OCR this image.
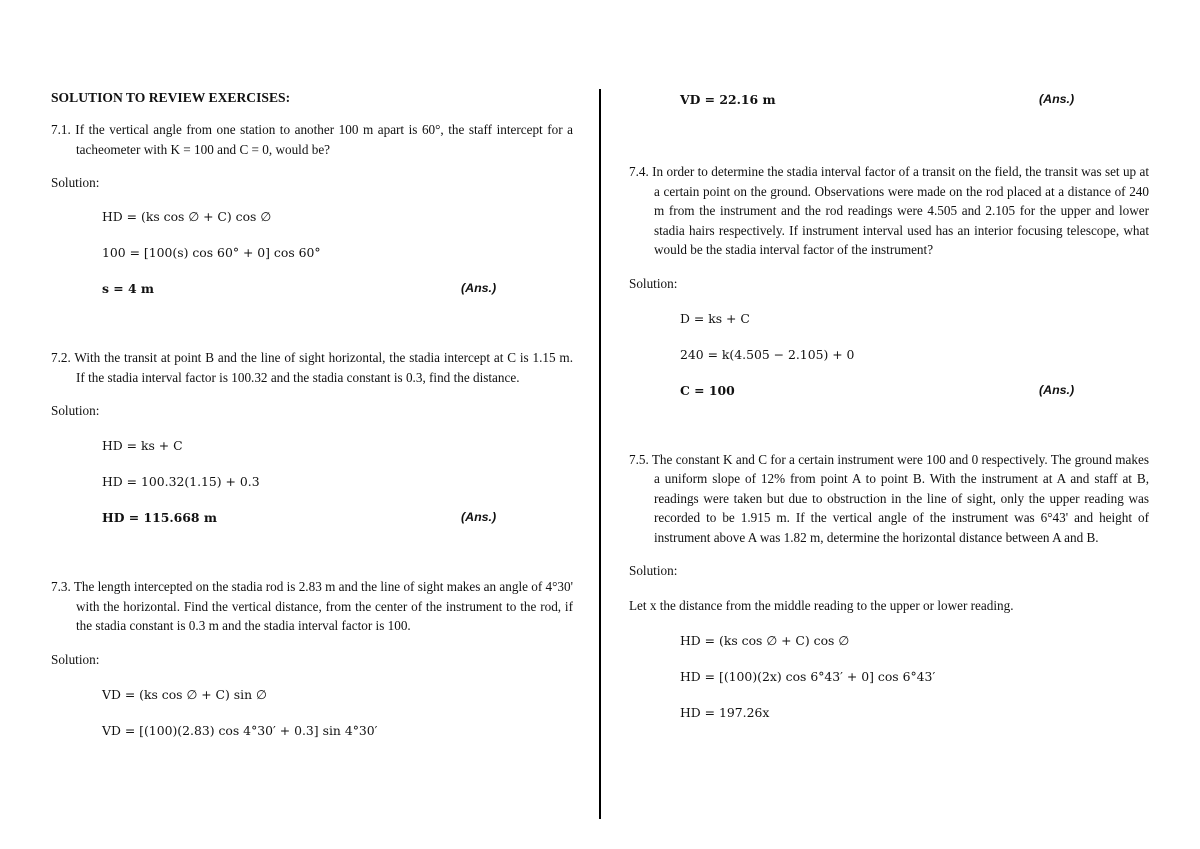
SOLUTION TO REVIEW EXERCISES:

7.1. If the vertical angle from one station to another 100 m apart is 60°, the staff intercept for a tacheometer with K = 100 and C = 0, would be?

Solution:

HD = (ks cos ∅ + C) cos ∅
100 = [100(s) cos 60° + 0] cos 60°
s = 4 m	(Ans.)

7.2. With the transit at point B and the line of sight horizontal, the stadia intercept at C is 1.15 m. If the stadia interval factor is 100.32 and the stadia constant is 0.3, find the distance.

Solution:

HD = ks + C
HD = 100.32(1.15) + 0.3
HD = 115.668 m	(Ans.)

7.3. The length intercepted on the stadia rod is 2.83 m and the line of sight makes an angle of 4°30' with the horizontal. Find the vertical distance, from the center of the instrument to the rod, if the stadia constant is 0.3 m and the stadia interval factor is 100.

Solution:

VD = (ks cos ∅ + C) sin ∅
VD = [(100)(2.83) cos 4°30′ + 0.3] sin 4°30′
VD = 22.16 m	(Ans.)

7.4. In order to determine the stadia interval factor of a transit on the field, the transit was set up at a certain point on the ground. Observations were made on the rod placed at a distance of 240 m from the instrument and the rod readings were 4.505 and 2.105 for the upper and lower stadia hairs respectively. If instrument interval used has an interior focusing telescope, what would be the stadia interval factor of the instrument?

Solution:

D = ks + C
240 = k(4.505 − 2.105) + 0
C = 100	(Ans.)

7.5. The constant K and C for a certain instrument were 100 and 0 respectively. The ground makes a uniform slope of 12% from point A to point B. With the instrument at A and staff at B, readings were taken but due to obstruction in the line of sight, only the upper reading was recorded to be 1.915 m. If the vertical angle of the instrument was 6°43' and height of instrument above A was 1.82 m, determine the horizontal distance between A and B.

Solution:

Let x the distance from the middle reading to the upper or lower reading.

HD = (ks cos ∅ + C) cos ∅
HD = [(100)(2x) cos 6°43′ + 0] cos 6°43′
HD = 197.26x
